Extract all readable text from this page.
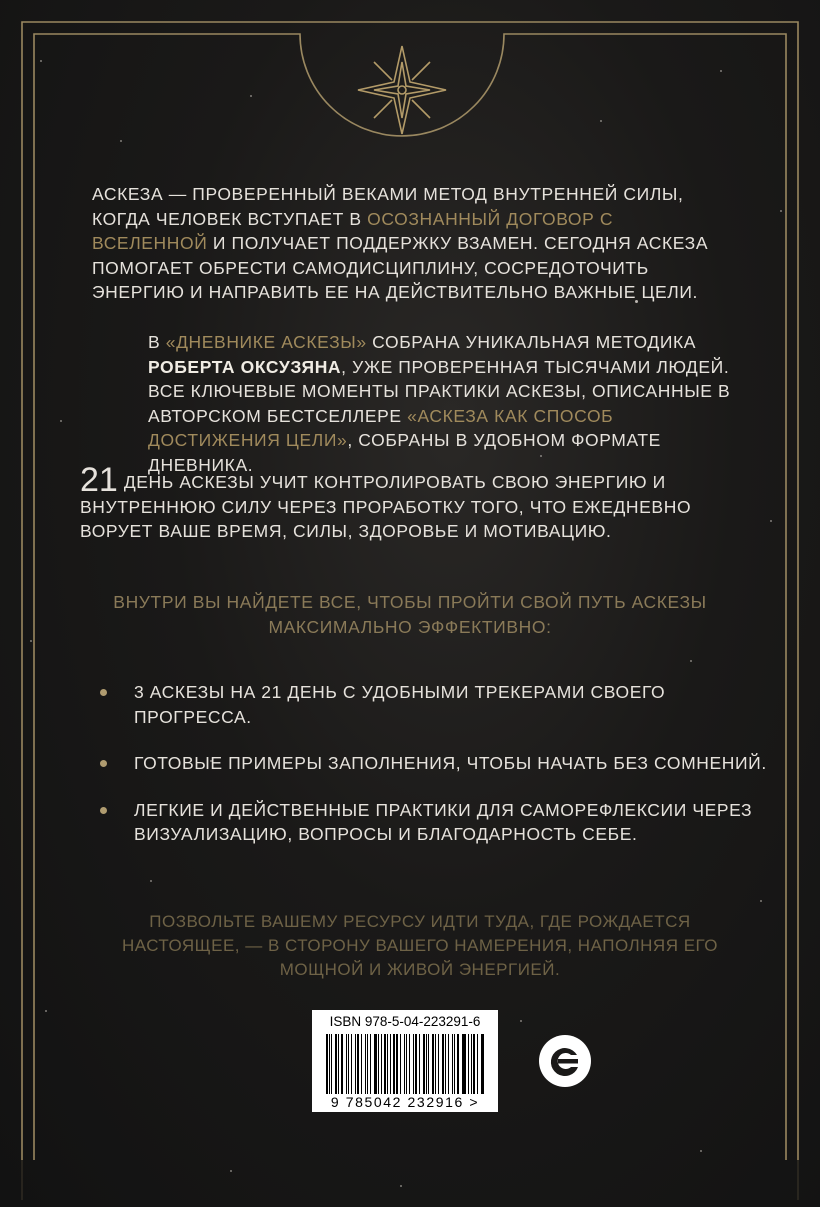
АСКЕЗА — ПРОВЕРЕННЫЙ ВЕКАМИ МЕТОД ВНУТРЕННЕЙ СИЛЫ, КОГДА ЧЕЛОВЕК ВСТУПАЕТ В ОСОЗНАННЫЙ ДОГОВОР С ВСЕЛЕННОЙ И ПОЛУЧАЕТ ПОДДЕРЖКУ ВЗАМЕН. СЕГОДНЯ АСКЕЗА ПОМОГАЕТ ОБРЕСТИ САМОДИСЦИПЛИНУ, СОСРЕДОТОЧИТЬ ЭНЕРГИЮ И НАПРАВИТЬ ЕЕ НА ДЕЙСТВИТЕЛЬНО ВАЖНЫЕ ЦЕЛИ.
В «ДНЕВНИКЕ АСКЕЗЫ» СОБРАНА УНИКАЛЬНАЯ МЕТОДИКА РОБЕРТА ОКСУЗЯНА, УЖЕ ПРОВЕРЕННАЯ ТЫСЯЧАМИ ЛЮДЕЙ. ВСЕ КЛЮЧЕВЫЕ МОМЕНТЫ ПРАКТИКИ АСКЕЗЫ, ОПИСАННЫЕ В АВТОРСКОМ БЕСТСЕЛЛЕРЕ «АСКЕЗА КАК СПОСОБ ДОСТИЖЕНИЯ ЦЕЛИ», СОБРАНЫ В УДОБНОМ ФОРМАТЕ ДНЕВНИКА.
21 ДЕНЬ АСКЕЗЫ УЧИТ КОНТРОЛИРОВАТЬ СВОЮ ЭНЕРГИЮ И ВНУТРЕННЮЮ СИЛУ ЧЕРЕЗ ПРОРАБОТКУ ТОГО, ЧТО ЕЖЕДНЕВНО ВОРУЕТ ВАШЕ ВРЕМЯ, СИЛЫ, ЗДОРОВЬЕ И МОТИВАЦИЮ.
ВНУТРИ ВЫ НАЙДЕТЕ ВСЕ, ЧТОБЫ ПРОЙТИ СВОЙ ПУТЬ АСКЕЗЫ МАКСИМАЛЬНО ЭФФЕКТИВНО:
3 АСКЕЗЫ НА 21 ДЕНЬ С УДОБНЫМИ ТРЕКЕРАМИ СВОЕГО ПРОГРЕССА.
ГОТОВЫЕ ПРИМЕРЫ ЗАПОЛНЕНИЯ, ЧТОБЫ НАЧАТЬ БЕЗ СОМНЕНИЙ.
ЛЕГКИЕ И ДЕЙСТВЕННЫЕ ПРАКТИКИ ДЛЯ САМОРЕФЛЕКСИИ ЧЕРЕЗ ВИЗУАЛИЗАЦИЮ, ВОПРОСЫ И БЛАГОДАРНОСТЬ СЕБЕ.
ПОЗВОЛЬТЕ ВАШЕМУ РЕСУРСУ ИДТИ ТУДА, ГДЕ РОЖДАЕТСЯ НАСТОЯЩЕЕ, — В СТОРОНУ ВАШЕГО НАМЕРЕНИЯ, НАПОЛНЯЯ ЕГО МОЩНОЙ И ЖИВОЙ ЭНЕРГИЕЙ.
ISBN 978-5-04-223291-6
9 785042 232916 >
